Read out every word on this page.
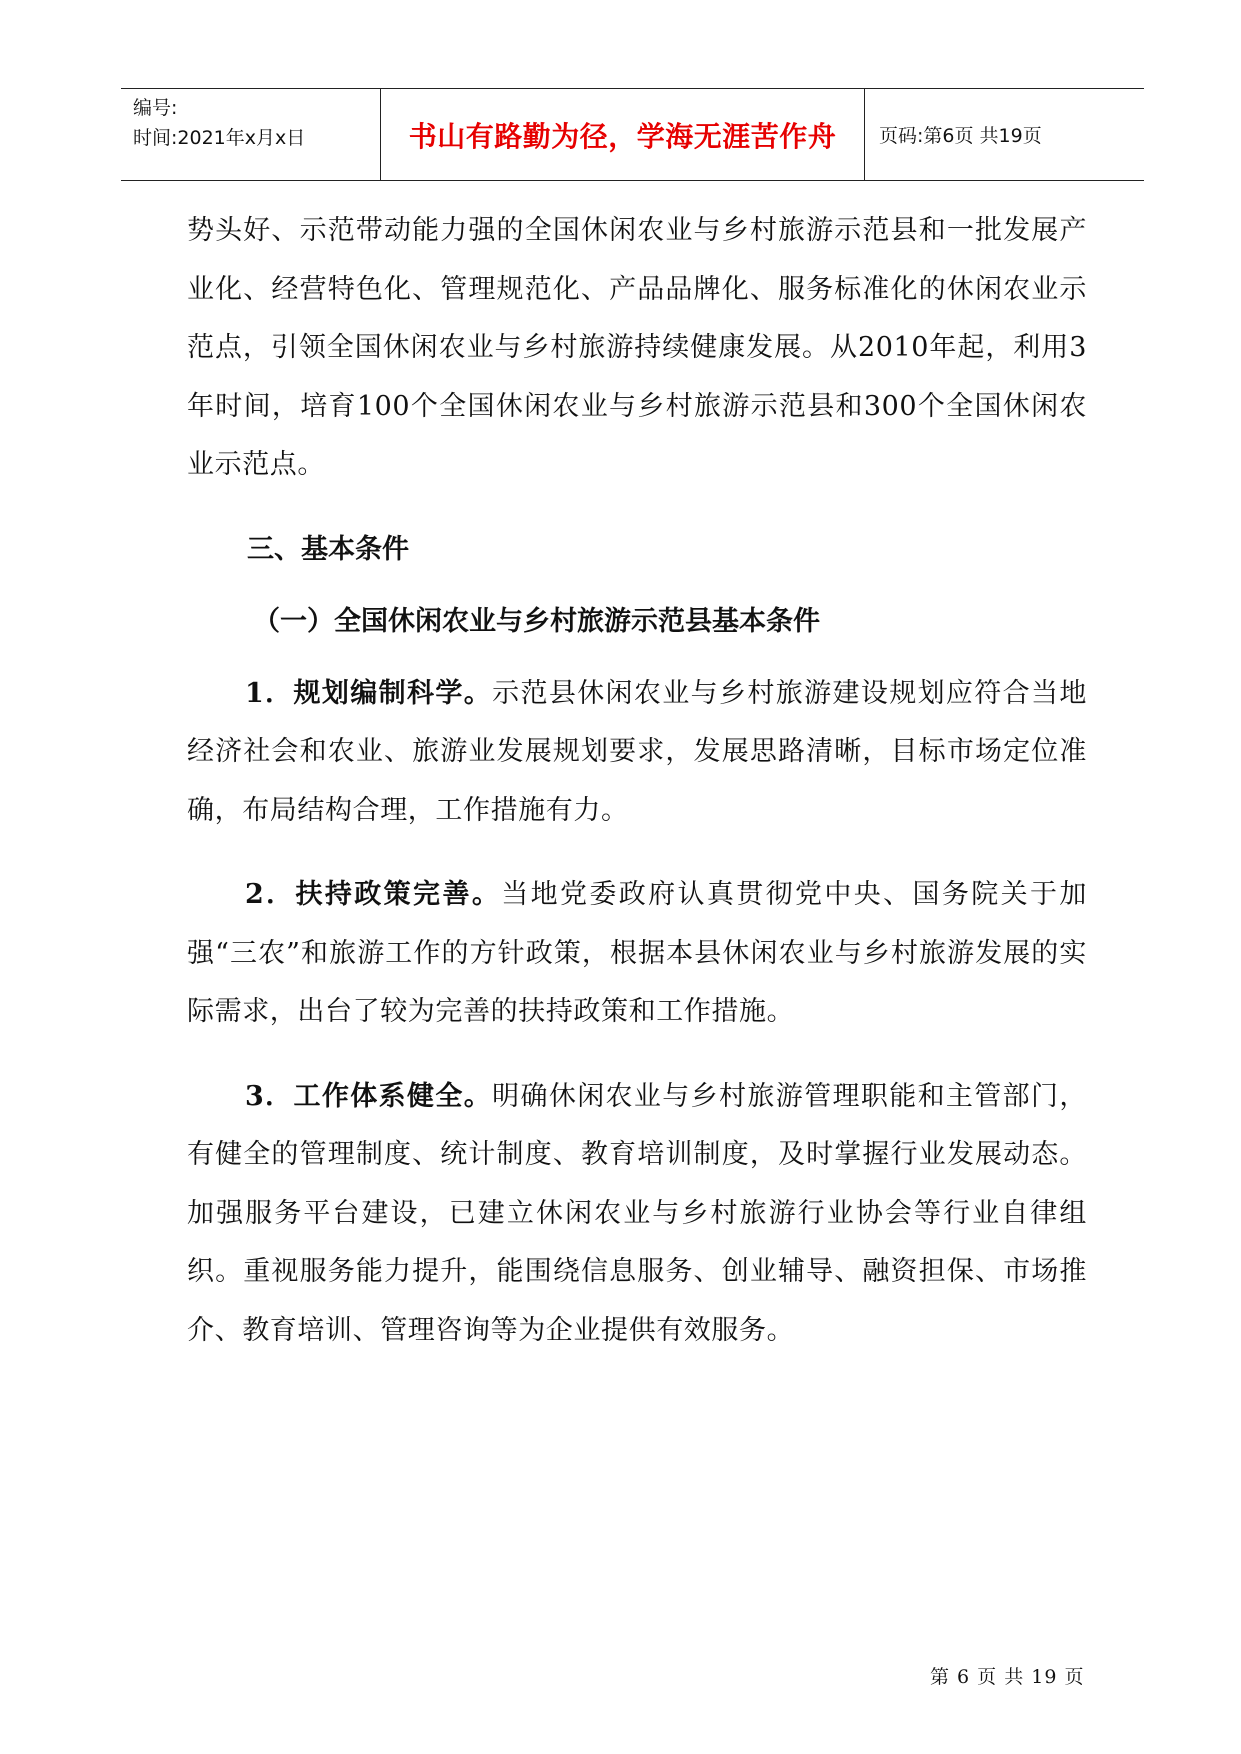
编号:
时间:2021年x月x日	书山有路勤为径，学海无涯苦作舟 页码:第6页 共19页

势头好、示范带动能力强的全国休闲农业与乡村旅游示范县和一批发展产业化、经营特色化、管理规范化、产品品牌化、服务标准化的休闲农业示范点，引领全国休闲农业与乡村旅游持续健康发展。从2010年起，利用3年时间，培育100个全国休闲农业与乡村旅游示范县和300个全国休闲农业示范点。

三、基本条件

（一）全国休闲农业与乡村旅游示范县基本条件

1．规划编制科学。示范县休闲农业与乡村旅游建设规划应符合当地经济社会和农业、旅游业发展规划要求，发展思路清晰，目标市场定位准确，布局结构合理，工作措施有力。

2．扶持政策完善。当地党委政府认真贯彻党中央、国务院关于加强“三农”和旅游工作的方针政策，根据本县休闲农业与乡村旅游发展的实际需求，出台了较为完善的扶持政策和工作措施。

3．工作体系健全。明确休闲农业与乡村旅游管理职能和主管部门，有健全的管理制度、统计制度、教育培训制度，及时掌握行业发展动态。加强服务平台建设，已建立休闲农业与乡村旅游行业协会等行业自律组织。重视服务能力提升，能围绕信息服务、创业辅导、融资担保、市场推介、教育培训、管理咨询等为企业提供有效服务。

第 6 页 共 19 页
